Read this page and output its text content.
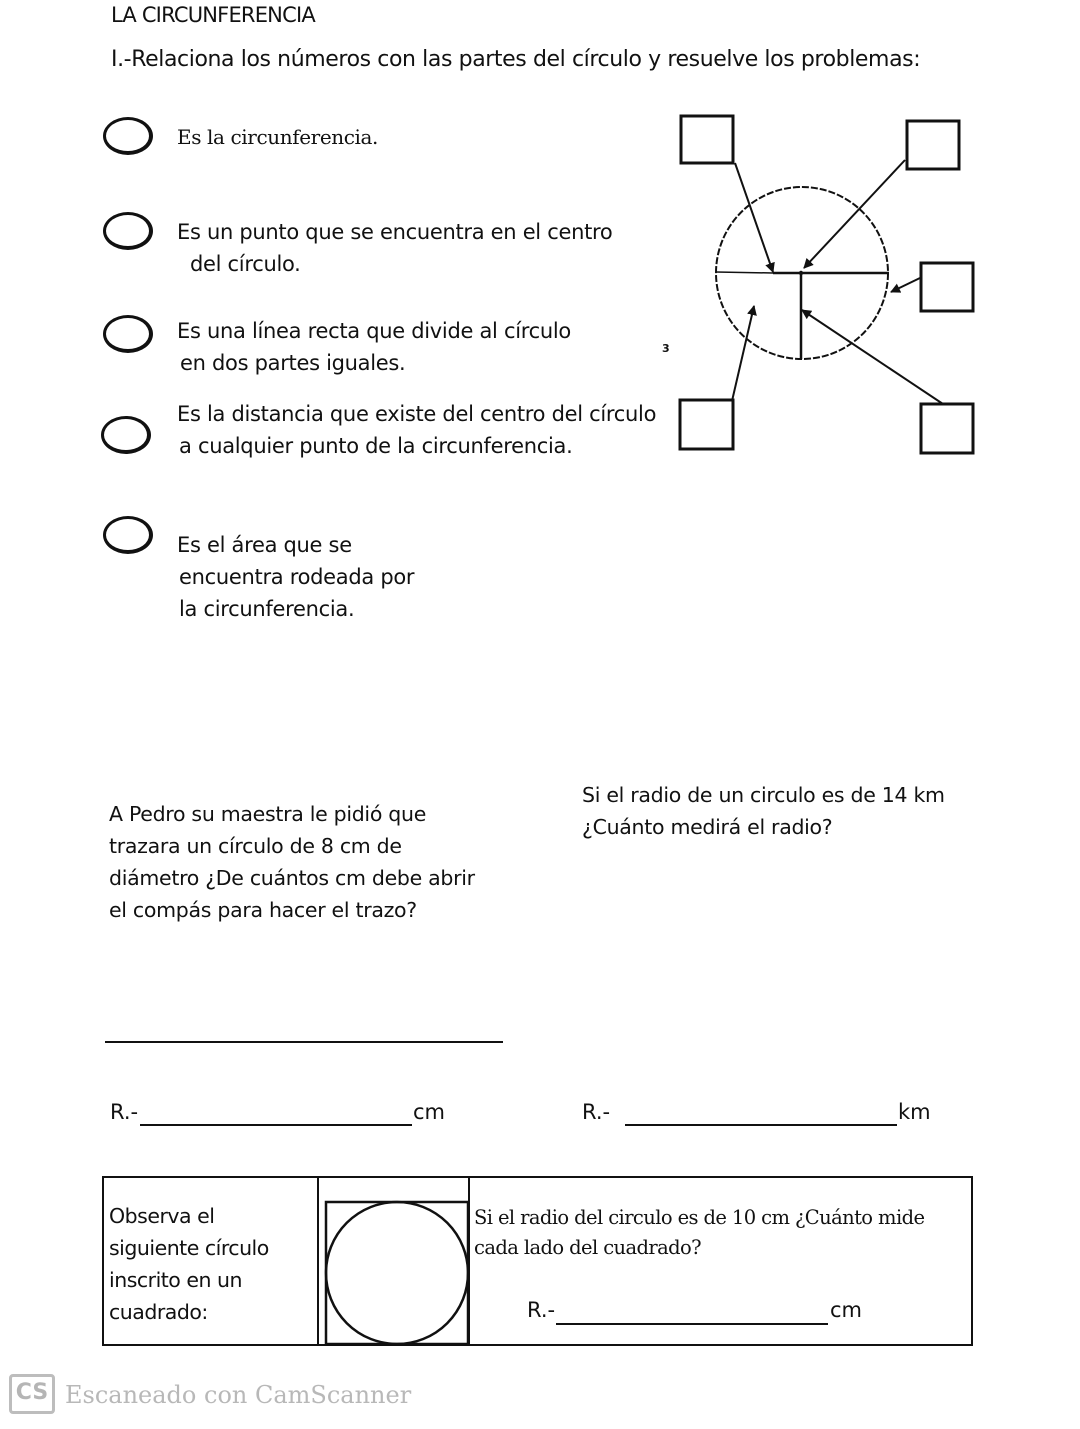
LA CIRCUNFERENCIA
I.-Relaciona los números con las partes del círculo y resuelve los problemas:
Es la circunferencia.
Es un punto que se encuentra en el centro
del círculo.
Es una línea recta que divide al círculo
en dos partes iguales.
Es la distancia que existe del centro del círculo
a cualquier punto de la circunferencia.
Es el área que se
encuentra rodeada por
la circunferencia.
3
A Pedro su maestra le pidió que
trazara un círculo de 8 cm de
diámetro ¿De cuántos cm debe abrir
el compás para hacer el trazo?
Si el radio de un circulo es de 14 km
¿Cuánto medirá el radio?
R.-	cm	R.-	km
Observa el
siguiente círculo
inscrito en un
cuadrado:
Si el radio del circulo es de 10 cm ¿Cuánto mide
cada lado del cuadrado?
R.-	cm
CS Escaneado con CamScanner
